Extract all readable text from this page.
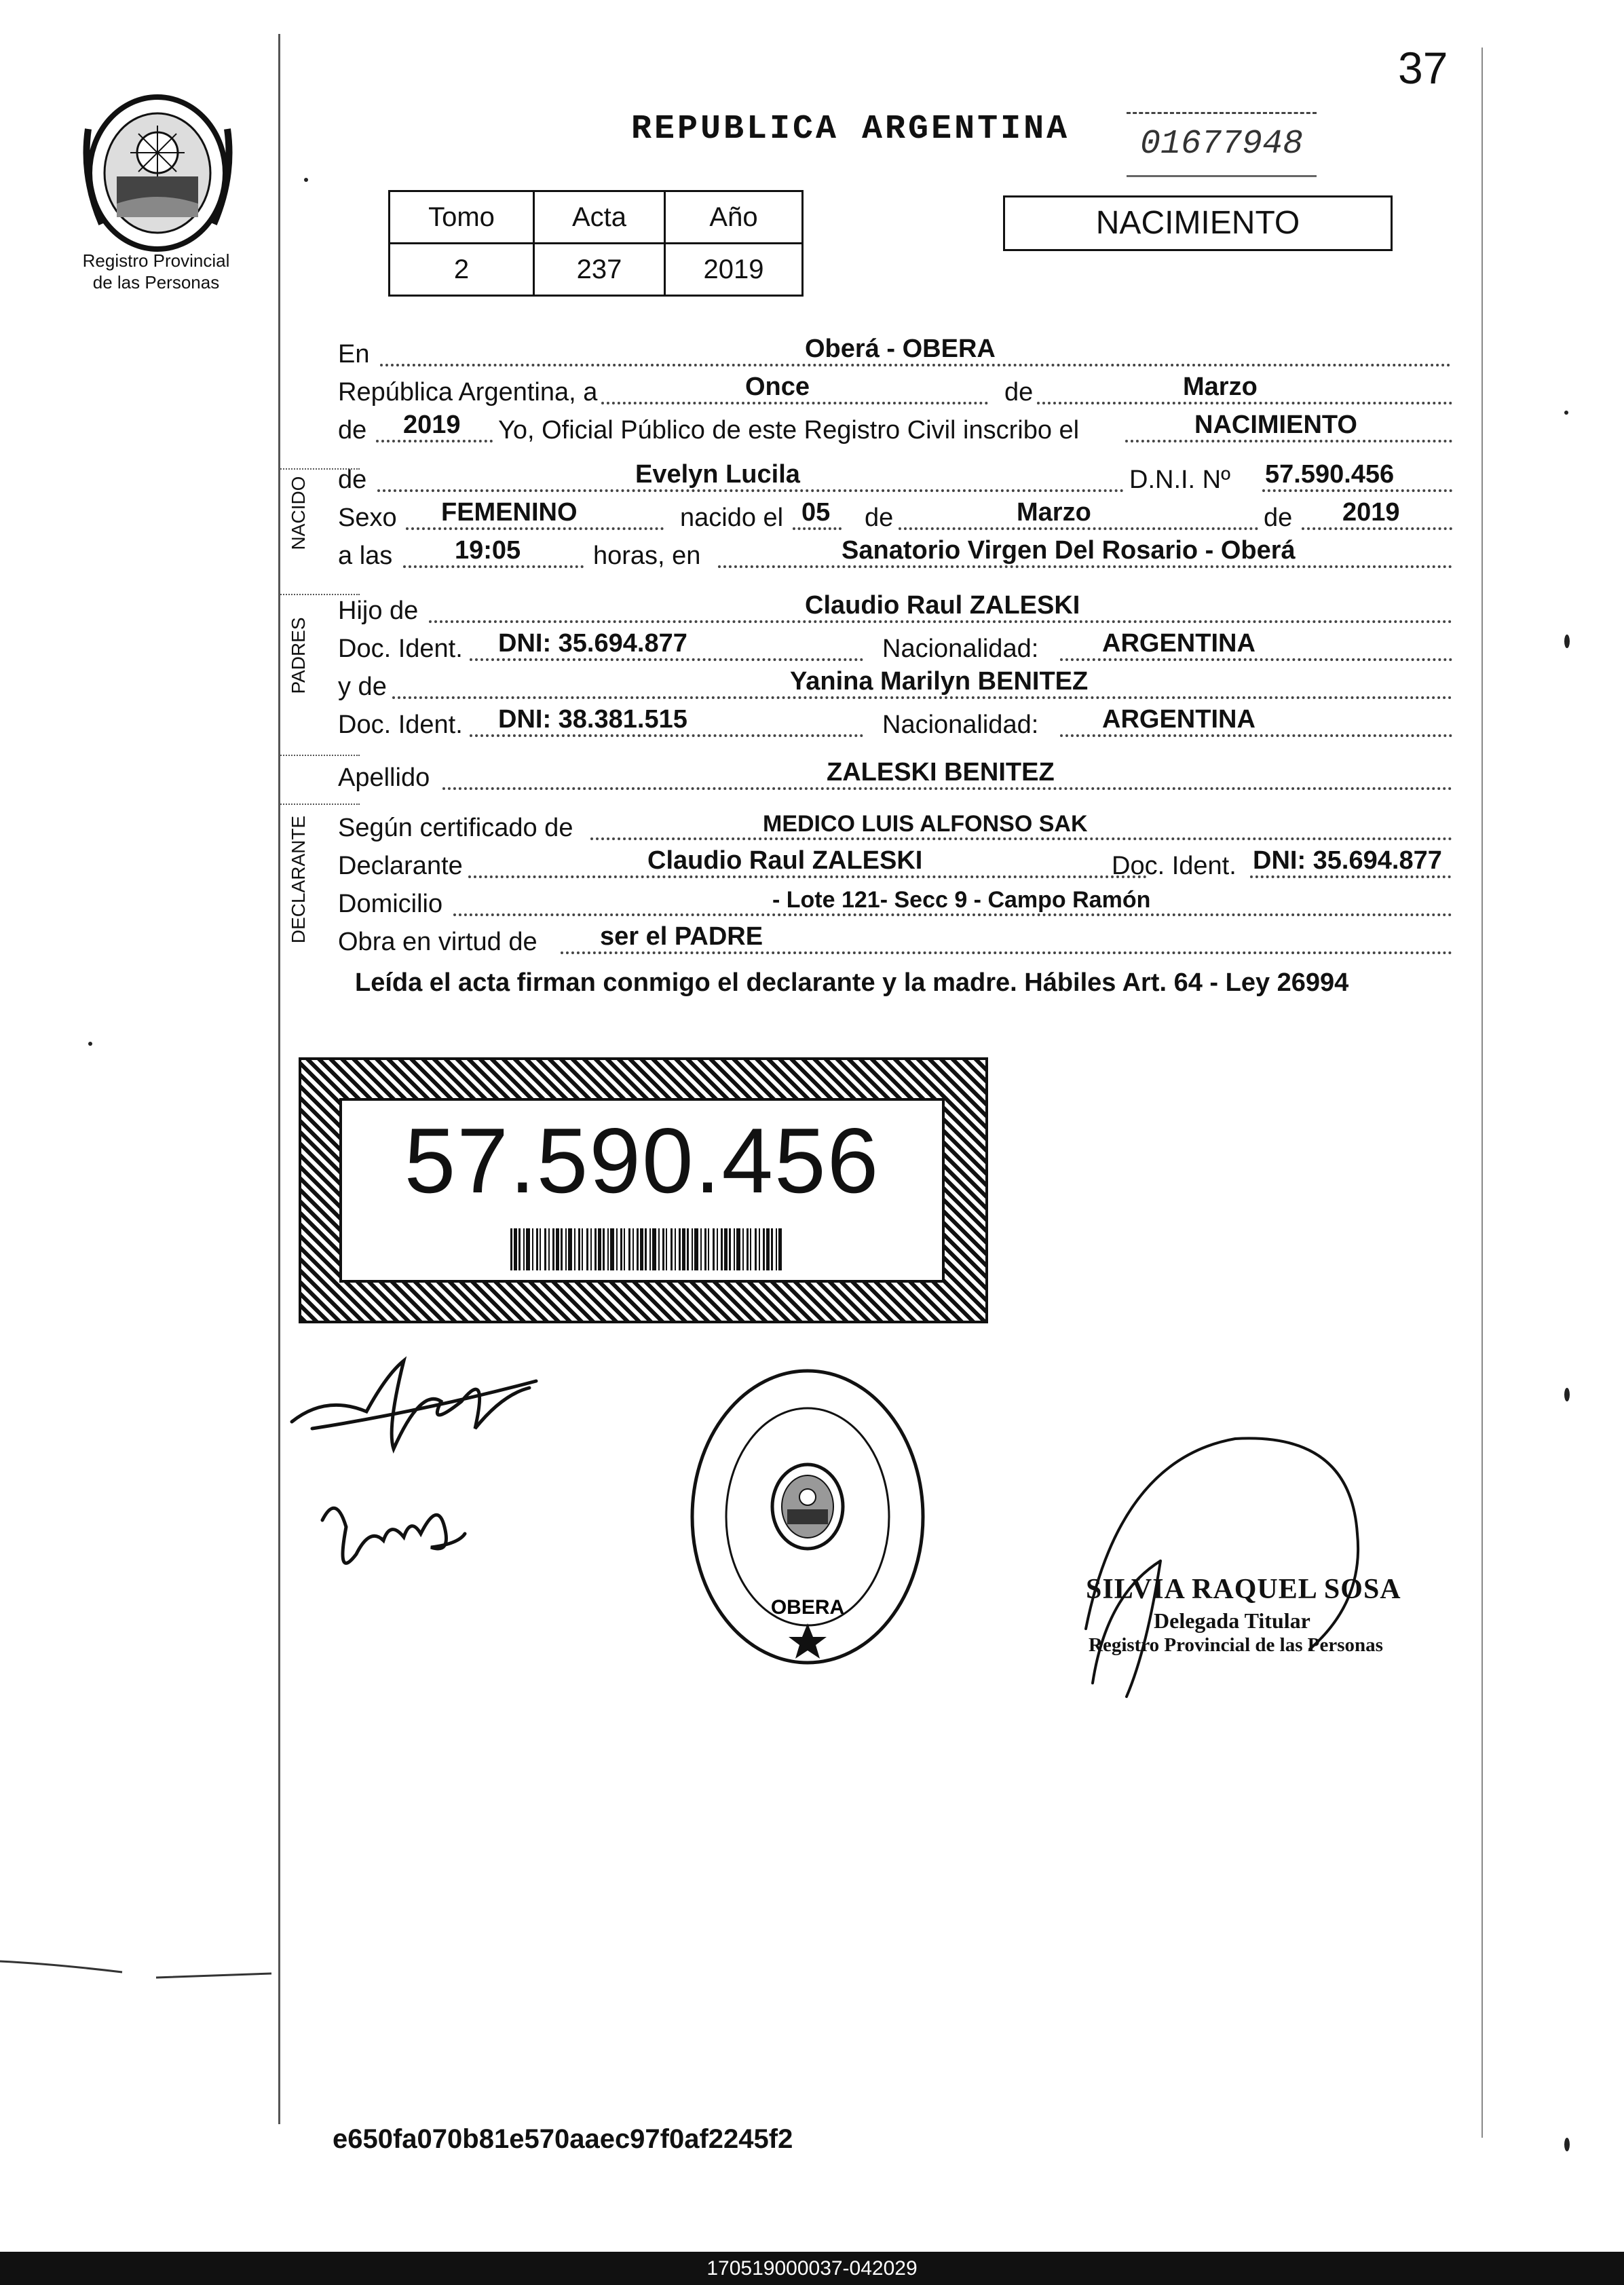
37
Registro Provincial
de las Personas
REPUBLICA ARGENTINA	01677948
Tomo	Acta	Año
2	237	2019
NACIMIENTO
En	Oberá - OBERA
República Argentina, a	Once	de	Marzo
de 2019 Yo, Oficial Público de este Registro Civil inscribo el	NACIMIENTO
NACIDO de	Evelyn Lucila	D.N.I. Nº 57.590.456
Sexo FEMENINO	nacido el 05 de	Marzo	de 2019
a las 19:05	horas, en	Sanatorio Virgen Del Rosario - Oberá
PADRES
Hijo de	Claudio Raul ZALESKI
Doc. Ident. DNI: 35.694.877	Nacionalidad: ARGENTINA
y de	Yanina Marilyn BENITEZ
Doc. Ident. DNI: 38.381.515	Nacionalidad: ARGENTINA
Apellido	ZALESKI BENITEZ
DECLARANTE Según certificado de	MEDICO LUIS ALFONSO SAK
Declarante	Claudio Raul ZALESKI	Doc. Ident. DNI: 35.694.877
Domicilio	- Lote 121- Secc 9 - Campo Ramón
Obra en virtud de ser el PADRE
Leída el acta firman conmigo el declarante y la madre. Hábiles Art. 64 - Ley 26994
57.590.456
OBERA
SILVIA RAQUEL SOSA
Delegada Titular
Registro Provincial de las Personas
e650fa070b81e570aaec97f0af2245f2
170519000037-042029
